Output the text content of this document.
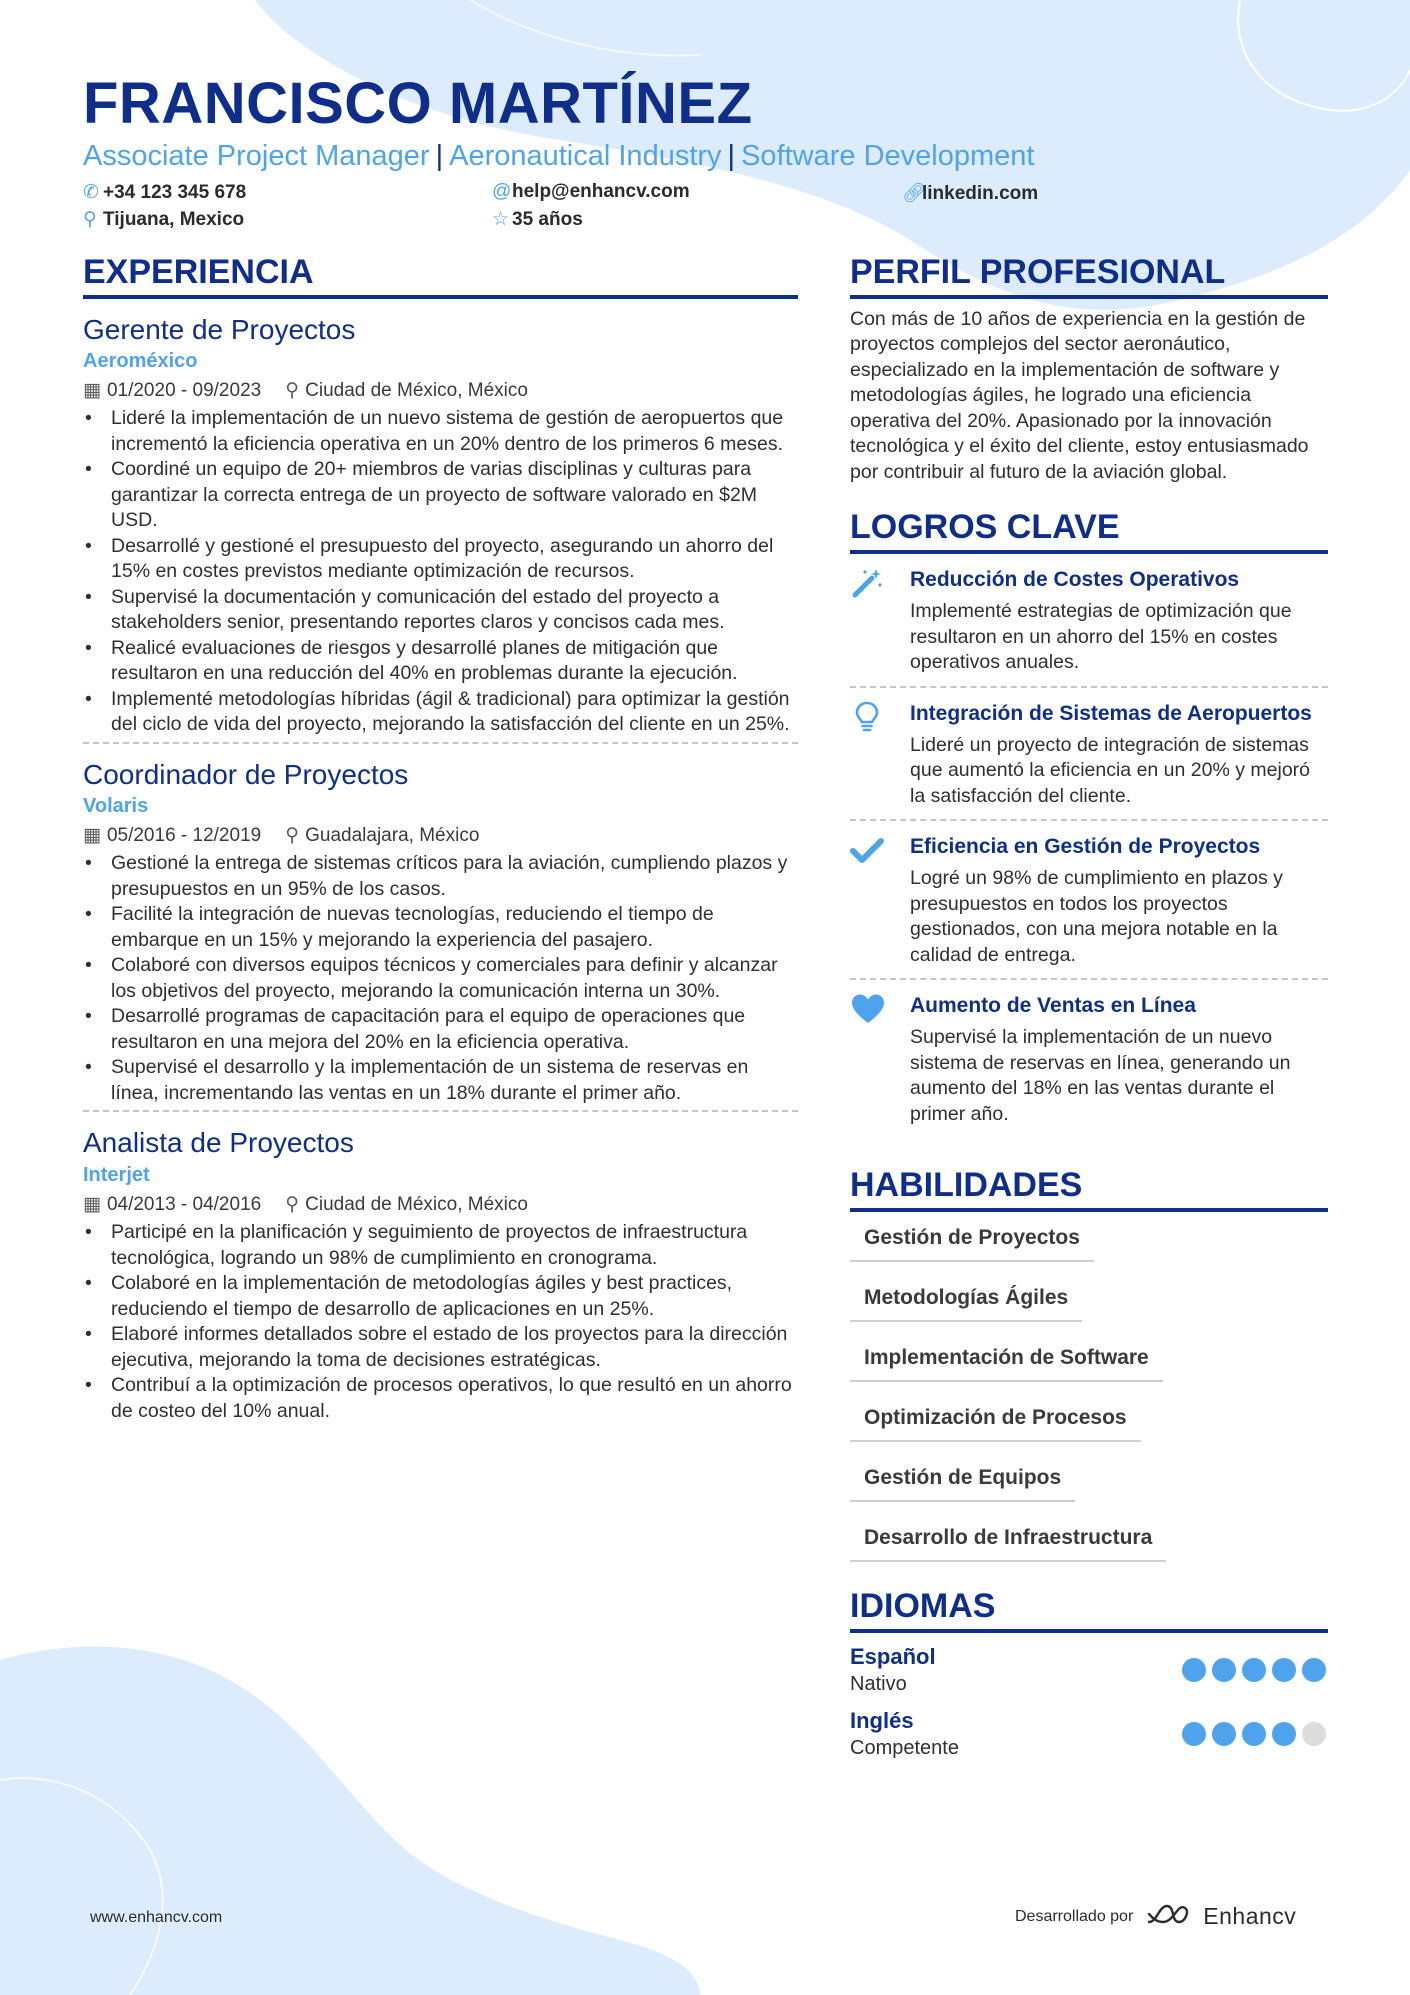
FRANCISCO MARTÍNEZ
Associate Project Manager | Aeronautical Industry | Software Development
✆ +34 123 345 678	@help@enhancv.com	🔗︎linkedin.com
⚲ Tijuana, Mexico	☆ 35 años
EXPERIENCIA
Gerente de Proyectos
Aeroméxico
▦ 01/2020 - 09/2023 ⚲ Ciudad de México, México
• Lideré la implementación de un nuevo sistema de gestión de aeropuertos que incrementó la eficiencia operativa en un 20% dentro de los primeros 6 meses.
• Coordiné un equipo de 20+ miembros de varias disciplinas y culturas para garantizar la correcta entrega de un proyecto de software valorado en $2M USD.
• Desarrollé y gestioné el presupuesto del proyecto, asegurando un ahorro del 15% en costes previstos mediante optimización de recursos.
• Supervisé la documentación y comunicación del estado del proyecto a stakeholders senior, presentando reportes claros y concisos cada mes.
• Realicé evaluaciones de riesgos y desarrollé planes de mitigación que resultaron en una reducción del 40% en problemas durante la ejecución.
• Implementé metodologías híbridas (ágil & tradicional) para optimizar la gestión del ciclo de vida del proyecto, mejorando la satisfacción del cliente en un 25%.
Coordinador de Proyectos
Volaris
▦ 05/2016 - 12/2019 ⚲ Guadalajara, México
• Gestioné la entrega de sistemas críticos para la aviación, cumpliendo plazos y presupuestos en un 95% de los casos.
• Facilité la integración de nuevas tecnologías, reduciendo el tiempo de embarque en un 15% y mejorando la experiencia del pasajero.
• Colaboré con diversos equipos técnicos y comerciales para definir y alcanzar los objetivos del proyecto, mejorando la comunicación interna un 30%.
• Desarrollé programas de capacitación para el equipo de operaciones que resultaron en una mejora del 20% en la eficiencia operativa.
• Supervisé el desarrollo y la implementación de un sistema de reservas en línea, incrementando las ventas en un 18% durante el primer año.
Analista de Proyectos
Interjet
▦ 04/2013 - 04/2016 ⚲ Ciudad de México, México
• Participé en la planificación y seguimiento de proyectos de infraestructura tecnológica, logrando un 98% de cumplimiento en cronograma.
• Colaboré en la implementación de metodologías ágiles y best practices, reduciendo el tiempo de desarrollo de aplicaciones en un 25%.
• Elaboré informes detallados sobre el estado de los proyectos para la dirección ejecutiva, mejorando la toma de decisiones estratégicas.
• Contribuí a la optimización de procesos operativos, lo que resultó en un ahorro de costeo del 10% anual.
PERFIL PROFESIONAL
Con más de 10 años de experiencia en la gestión de proyectos complejos del sector aeronáutico, especializado en la implementación de software y metodologías ágiles, he logrado una eficiencia operativa del 20%. Apasionado por la innovación tecnológica y el éxito del cliente, estoy entusiasmado por contribuir al futuro de la aviación global.
LOGROS CLAVE
Reducción de Costes Operativos
Implementé estrategias de optimización que resultaron en un ahorro del 15% en costes operativos anuales.
Integración de Sistemas de Aeropuertos
Lideré un proyecto de integración de sistemas que aumentó la eficiencia en un 20% y mejoró la satisfacción del cliente.
Eficiencia en Gestión de Proyectos
Logré un 98% de cumplimiento en plazos y presupuestos en todos los proyectos gestionados, con una mejora notable en la calidad de entrega.
Aumento de Ventas en Línea
Supervisé la implementación de un nuevo sistema de reservas en línea, generando un aumento del 18% en las ventas durante el primer año.
HABILIDADES
Gestión de Proyectos
Metodologías Ágiles
Implementación de Software
Optimización de Procesos
Gestión de Equipos
Desarrollo de Infraestructura
IDIOMAS
Español
Nativo
Inglés
Competente
www.enhancv.com	Desarrollado por	Enhancv
